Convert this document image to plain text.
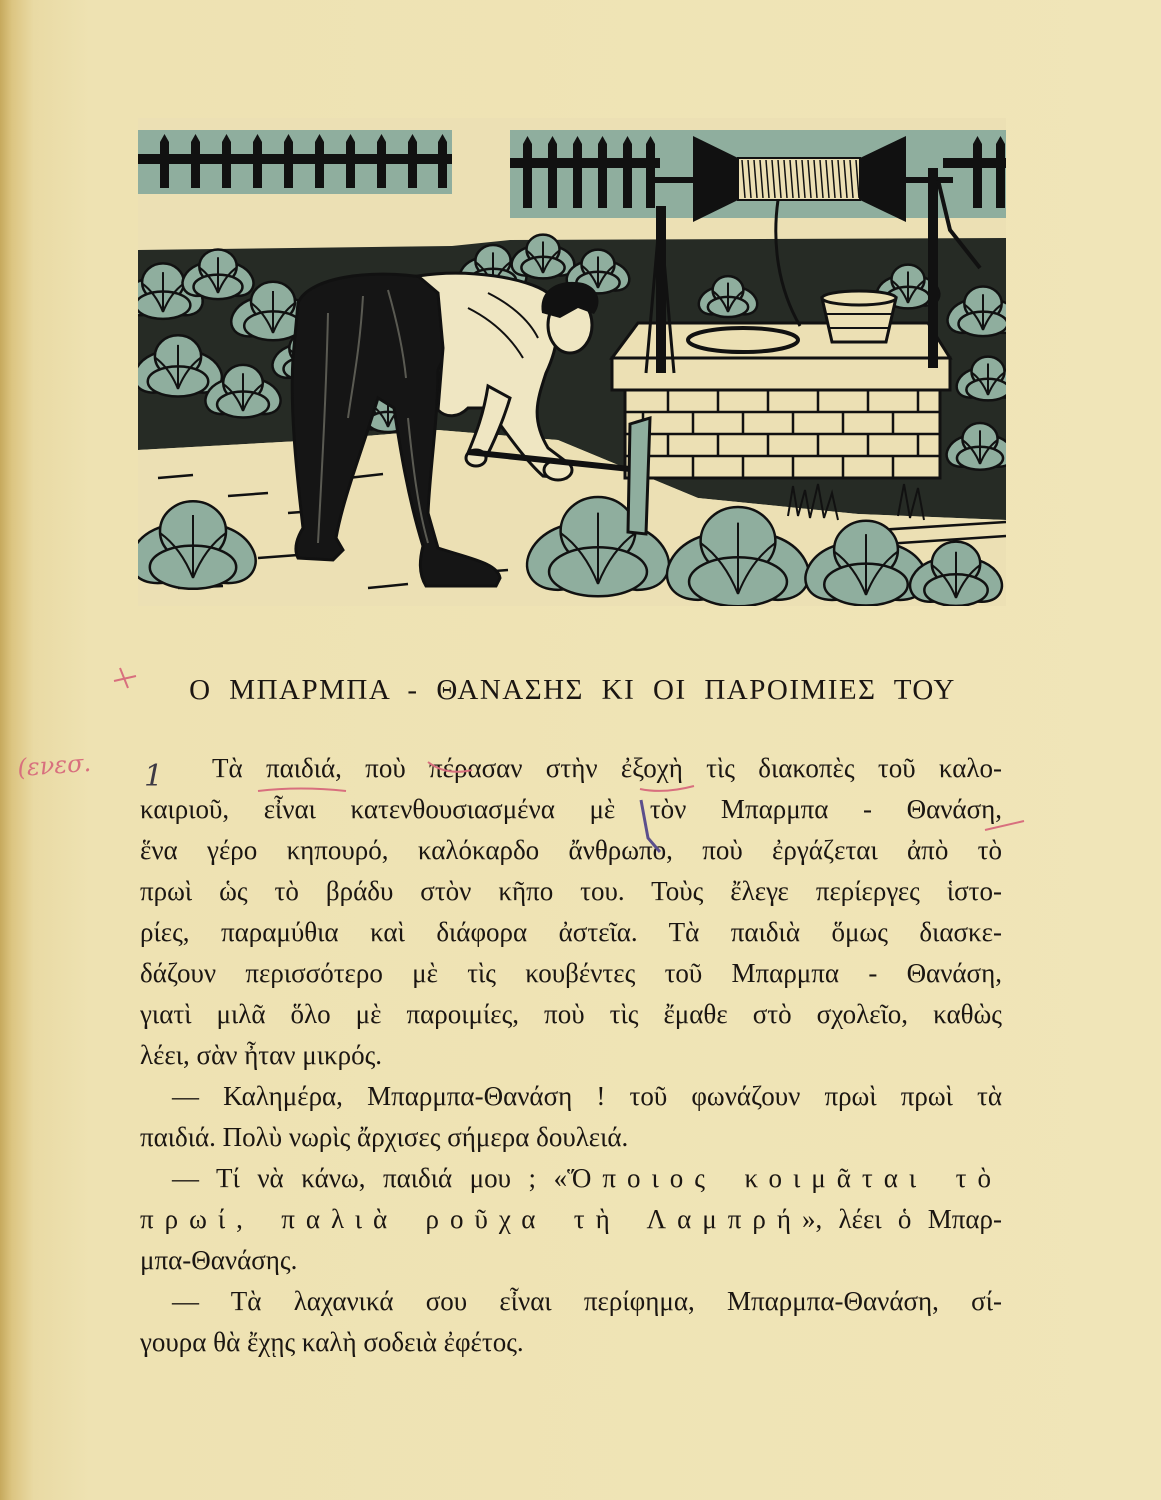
Ο ΜΠΑΡΜΠΑ - ΘΑΝΑΣΗΣ ΚΙ ΟΙ ΠΑΡΟΙΜΙΕΣ ΤΟΥ
Τὰ παιδιά, ποὺ πέρασαν στὴν ἐξοχὴ τὶς διακοπὲς τοῦ καλο-
καιριοῦ, εἶναι κατενθουσιασμένα μὲ τὸν Μπαρμπα - Θανάση,
ἕνα γέρο κηπουρό, καλόκαρδο ἄνθρωπο, ποὺ ἐργάζεται ἀπὸ τὸ
πρωὶ ὡς τὸ βράδυ στὸν κῆπο του. Τοὺς ἔλεγε περίεργες ἱστο-
ρίες, παραμύθια καὶ διάφορα ἀστεῖα. Τὰ παιδιὰ ὅμως διασκε-
δάζουν περισσότερο μὲ τὶς κουβέντες τοῦ Μπαρμπα - Θανάση,
γιατὶ μιλᾶ ὅλο μὲ παροιμίες, ποὺ τὶς ἔμαθε στὸ σχολεῖο, καθὼς
λέει, σὰν ἦταν μικρός.
— Καλημέρα, Μπαρμπα-Θανάση ! τοῦ φωνάζουν πρωὶ πρωὶ τὰ
παιδιά. Πολὺ νωρὶς ἄρχισες σήμερα δουλειά.
— Τί νὰ κάνω, παιδιά μου ; «Ὅποιος κοιμᾶται τὸ
πρωί, παλιὰ ροῦχα τὴ Λαμπρή», λέει ὁ Μπαρ-
μπα-Θανάσης.
— Τὰ λαχανικά σου εἶναι περίφημα, Μπαρμπα-Θανάση, σί-
γουρα θὰ ἔχῃς καλὴ σοδειὰ ἐφέτος.
(ενεσ. 1
